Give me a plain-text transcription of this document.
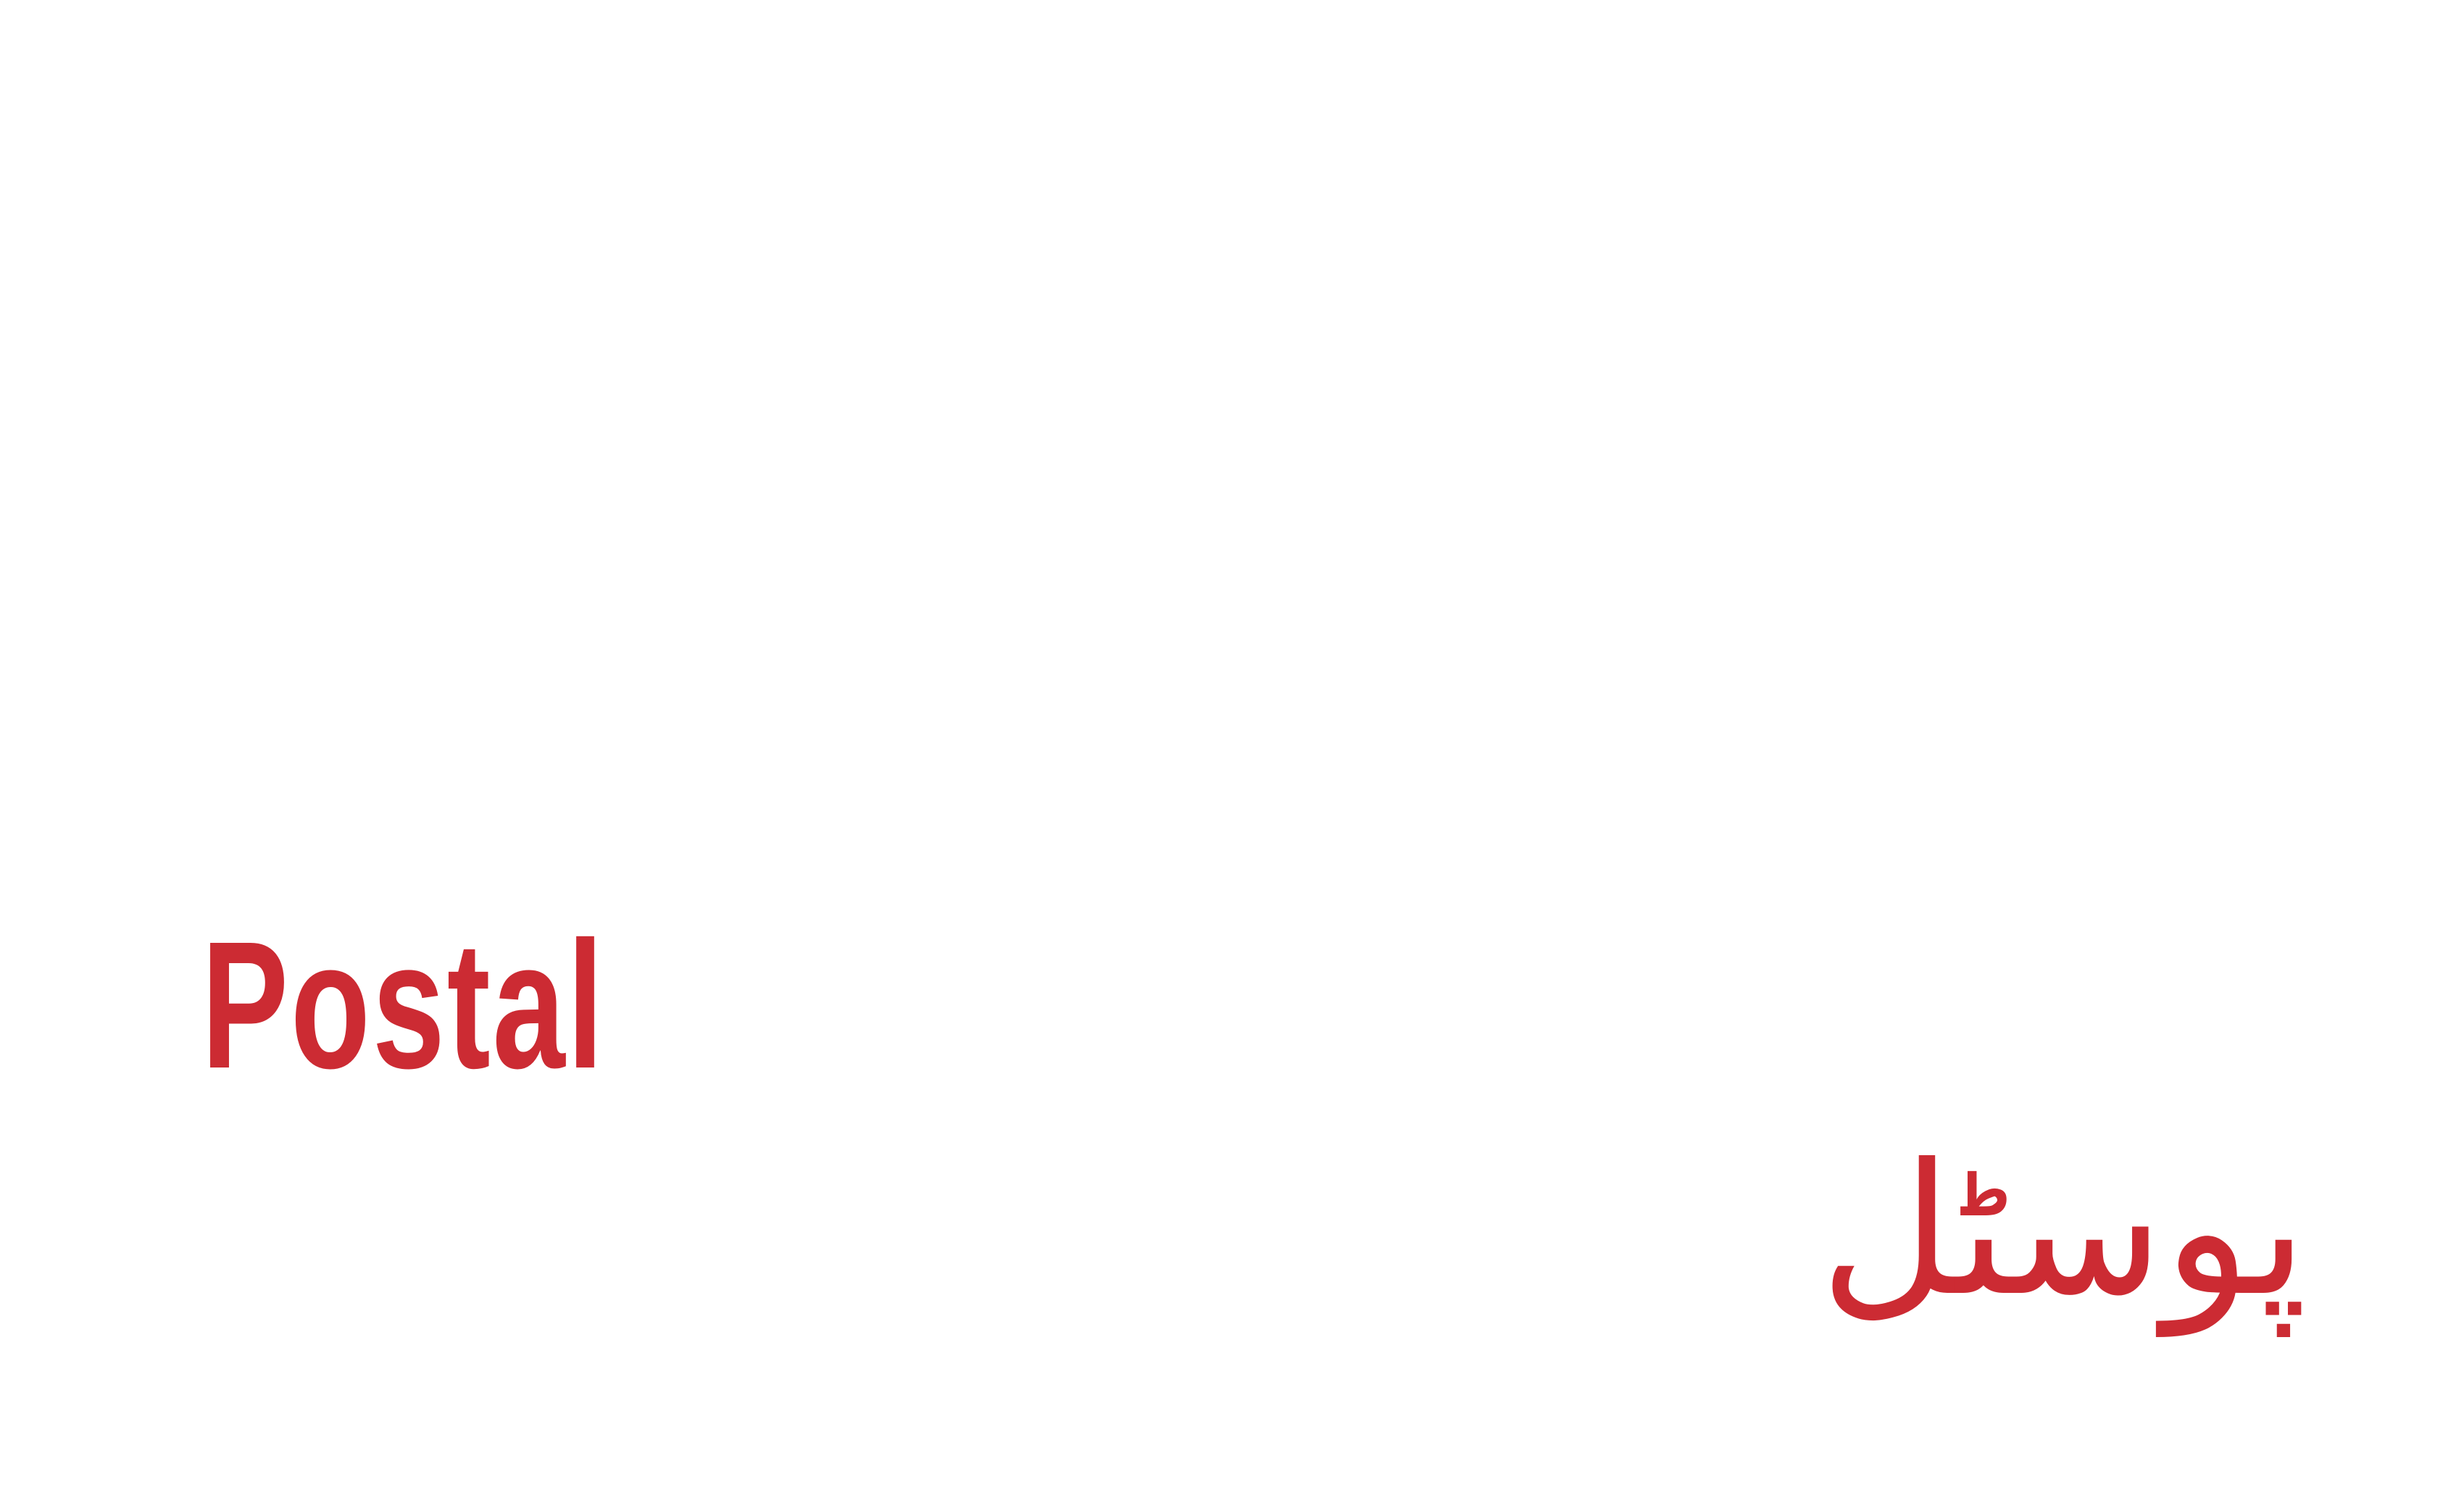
Postal
پوسٹل
